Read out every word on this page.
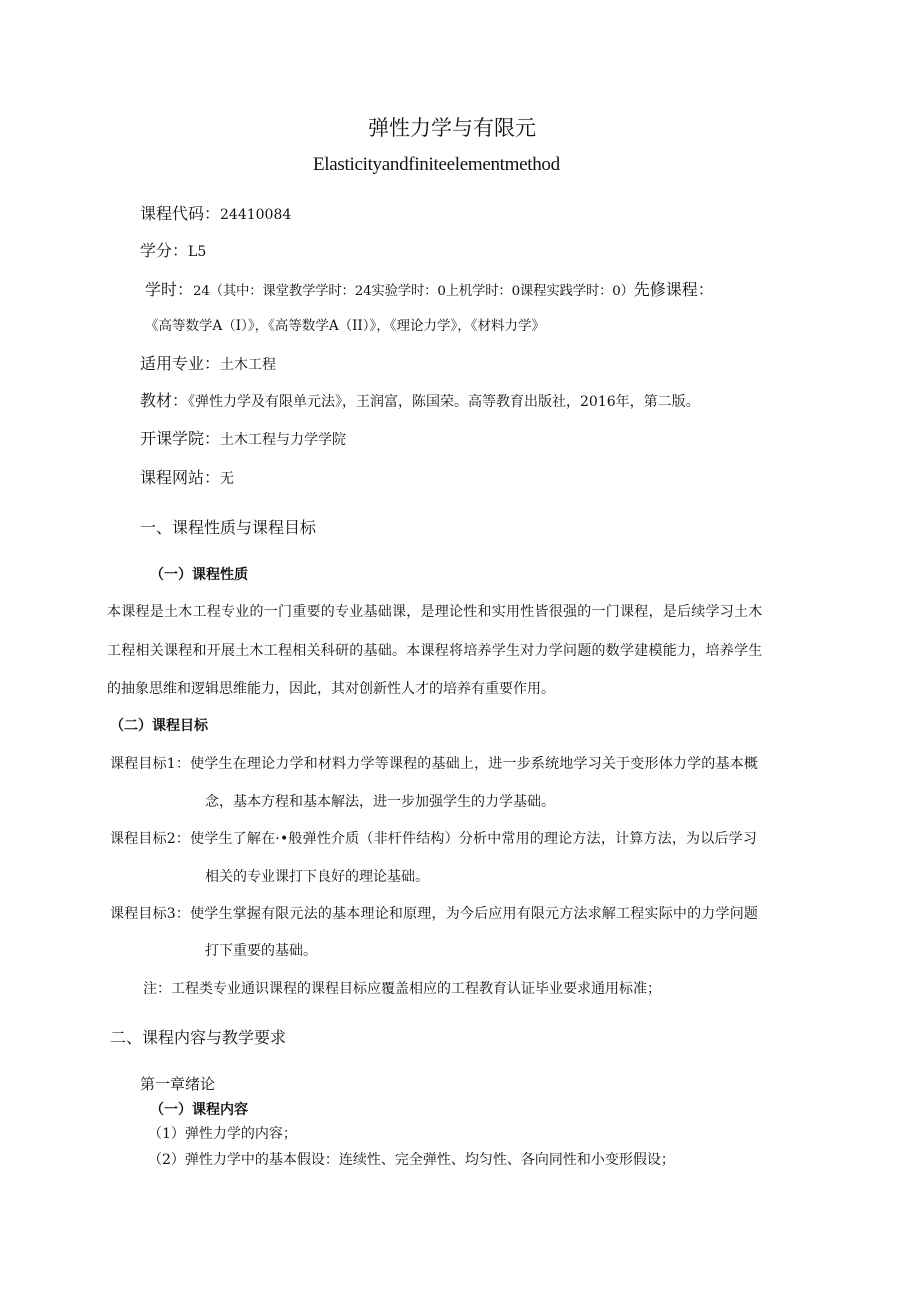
弹性力学与有限元
Elasticityandfiniteelementmethod
课程代码：24410084
学分：L5
学时：24（其中：课堂教学学时：24实验学时：0上机学时：0课程实践学时：0）先修课程：
《高等数学A（I）》，《高等数学A（II）》，《理论力学》，《材料力学》
适用专业：土木工程
教材：《弹性力学及有限单元法》，王润富，陈国荣。高等教育出版社，2016年，第二版。
开课学院：土木工程与力学学院
课程网站：无
一、课程性质与课程目标
（一）课程性质
本课程是土木工程专业的一门重要的专业基础课，是理论性和实用性皆很强的一门课程，是后续学习土木
工程相关课程和开展土木工程相关科研的基础。本课程将培养学生对力学问题的数学建模能力，培养学生
的抽象思维和逻辑思维能力，因此，其对创新性人才的培养有重要作用。
（二）课程目标
课程目标1：使学生在理论力学和材料力学等课程的基础上，进一步系统地学习关于变形体力学的基本概
念，基本方程和基本解法，进一步加强学生的力学基础。
课程目标2：使学生了解在·•般弹性介质（非杆件结构）分析中常用的理论方法，计算方法，为以后学习
相关的专业课打下良好的理论基础。
课程目标3：使学生掌握有限元法的基本理论和原理，为今后应用有限元方法求解工程实际中的力学问题
打下重要的基础。
注：工程类专业通识课程的课程目标应覆盖相应的工程教育认证毕业要求通用标准；
二、课程内容与教学要求
第一章绪论
（一）课程内容
（1）弹性力学的内容；
（2）弹性力学中的基本假设：连续性、完全弹性、均匀性、各向同性和小变形假设；
